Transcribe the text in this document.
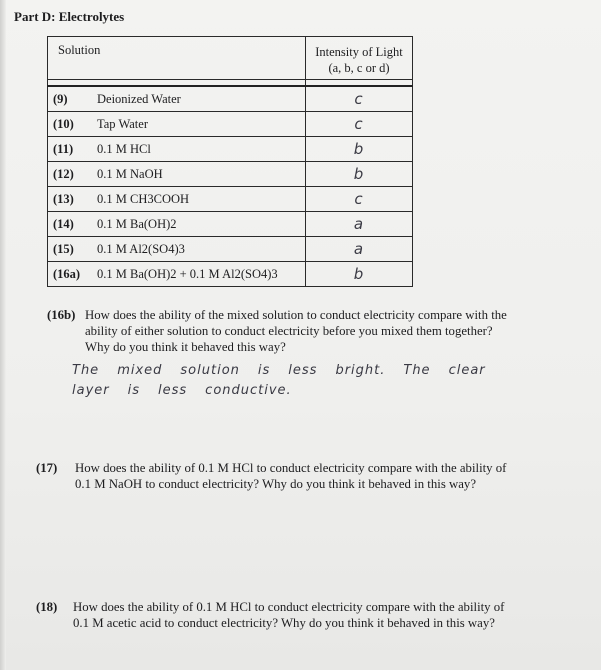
Part D: Electrolytes
Solution	Intensity of Light
(a, b, c or d)

(9) Deionized Water	c
(10) Tap Water	c
(11) 0.1 M HCl	b
(12) 0.1 M NaOH	b
(13) 0.1 M CH3COOH	c
(14) 0.1 M Ba(OH)2	a
(15) 0.1 M Al2(SO4)3	a
(16a) 0.1 M Ba(OH)2 + 0.1 M Al2(SO4)3	b
(16b) How does the ability of the mixed solution to conduct electricity compare with the
ability of either solution to conduct electricity before you mixed them together?
Why do you think it behaved this way?
The mixed solution is less bright. The clear
layer is less conductive.
(17) How does the ability of 0.1 M HCl to conduct electricity compare with the ability of
0.1 M NaOH to conduct electricity? Why do you think it behaved in this way?
(18) How does the ability of 0.1 M HCl to conduct electricity compare with the ability of
0.1 M acetic acid to conduct electricity? Why do you think it behaved in this way?
